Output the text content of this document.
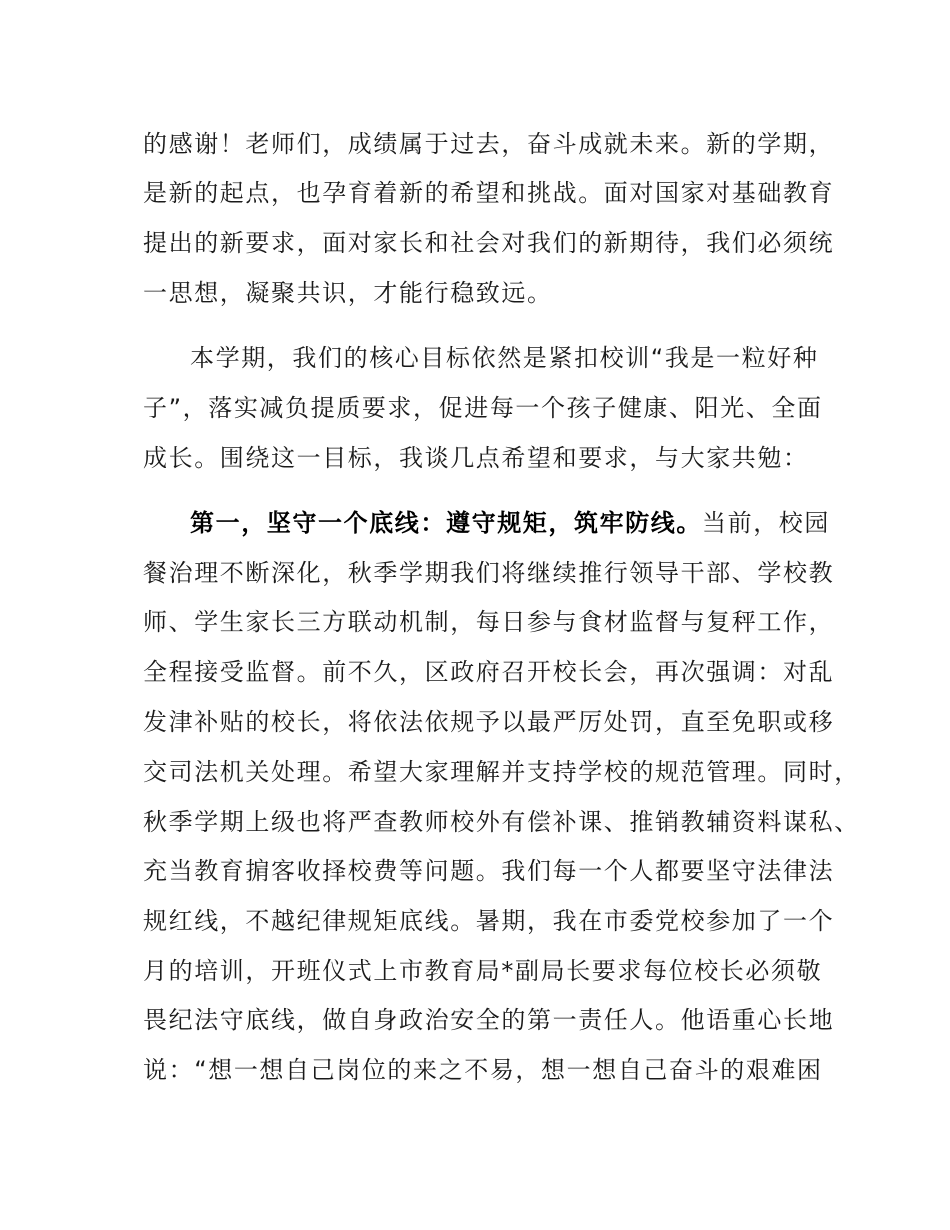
的感谢！老师们，成绩属于过去，奋斗成就未来。新的学期，
是新的起点，也孕育着新的希望和挑战。面对国家对基础教育
提出的新要求，面对家长和社会对我们的新期待，我们必须统
一思想，凝聚共识，才能行稳致远。
本学期，我们的核心目标依然是紧扣校训“我是一粒好种
子”，落实减负提质要求，促进每一个孩子健康、阳光、全面
成长。围绕这一目标，我谈几点希望和要求，与大家共勉：
第一，坚守一个底线：遵守规矩，筑牢防线。当前，校园
餐治理不断深化，秋季学期我们将继续推行领导干部、学校教
师、学生家长三方联动机制，每日参与食材监督与复秤工作，
全程接受监督。前不久，区政府召开校长会，再次强调：对乱
发津补贴的校长，将依法依规予以最严厉处罚，直至免职或移
交司法机关处理。希望大家理解并支持学校的规范管理。同时，
秋季学期上级也将严查教师校外有偿补课、推销教辅资料谋私、
充当教育掮客收择校费等问题。我们每一个人都要坚守法律法
规红线，不越纪律规矩底线。暑期，我在市委党校参加了一个
月的培训，开班仪式上市教育局*副局长要求每位校长必须敬
畏纪法守底线，做自身政治安全的第一责任人。他语重心长地
说：“想一想自己岗位的来之不易，想一想自己奋斗的艰难困
